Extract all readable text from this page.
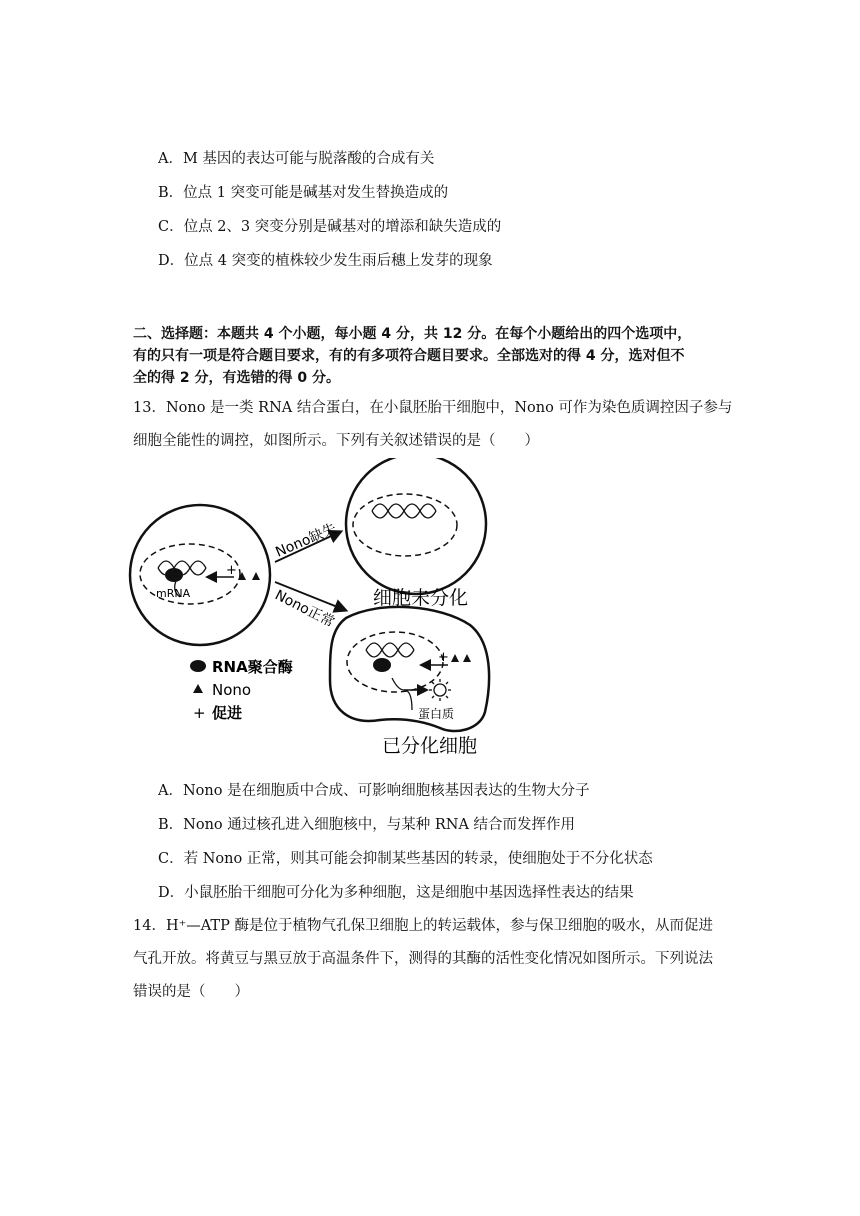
A．M 基因的表达可能与脱落酸的合成有关
B．位点 1 突变可能是碱基对发生替换造成的
C．位点 2、3 突变分别是碱基对的增添和缺失造成的
D．位点 4 突变的植株较少发生雨后穗上发芽的现象
二、选择题：本题共 4 个小题，每小题 4 分，共 12 分。在每个小题给出的四个选项中，
有的只有一项是符合题目要求，有的有多项符合题目要求。全部选对的得 4 分，选对但不
全的得 2 分，有选错的得 0 分。
13．Nono 是一类 RNA 结合蛋白，在小鼠胚胎干细胞中，Nono 可作为染色质调控因子参与
细胞全能性的调控，如图所示。下列有关叙述错误的是（　　）
mRNA
+
Nono缺失
Nono正常 细胞未分化
+
蛋白质
已分化细胞
RNA聚合酶
Nono
+ 促进
A．Nono 是在细胞质中合成、可影响细胞核基因表达的生物大分子
B．Nono 通过核孔进入细胞核中，与某种 RNA 结合而发挥作用
C．若 Nono 正常，则其可能会抑制某些基因的转录，使细胞处于不分化状态
D．小鼠胚胎干细胞可分化为多种细胞，这是细胞中基因选择性表达的结果
14．H⁺—ATP 酶是位于植物气孔保卫细胞上的转运载体，参与保卫细胞的吸水，从而促进
气孔开放。将黄豆与黑豆放于高温条件下，测得的其酶的活性变化情况如图所示。下列说法
错误的是（　　）
